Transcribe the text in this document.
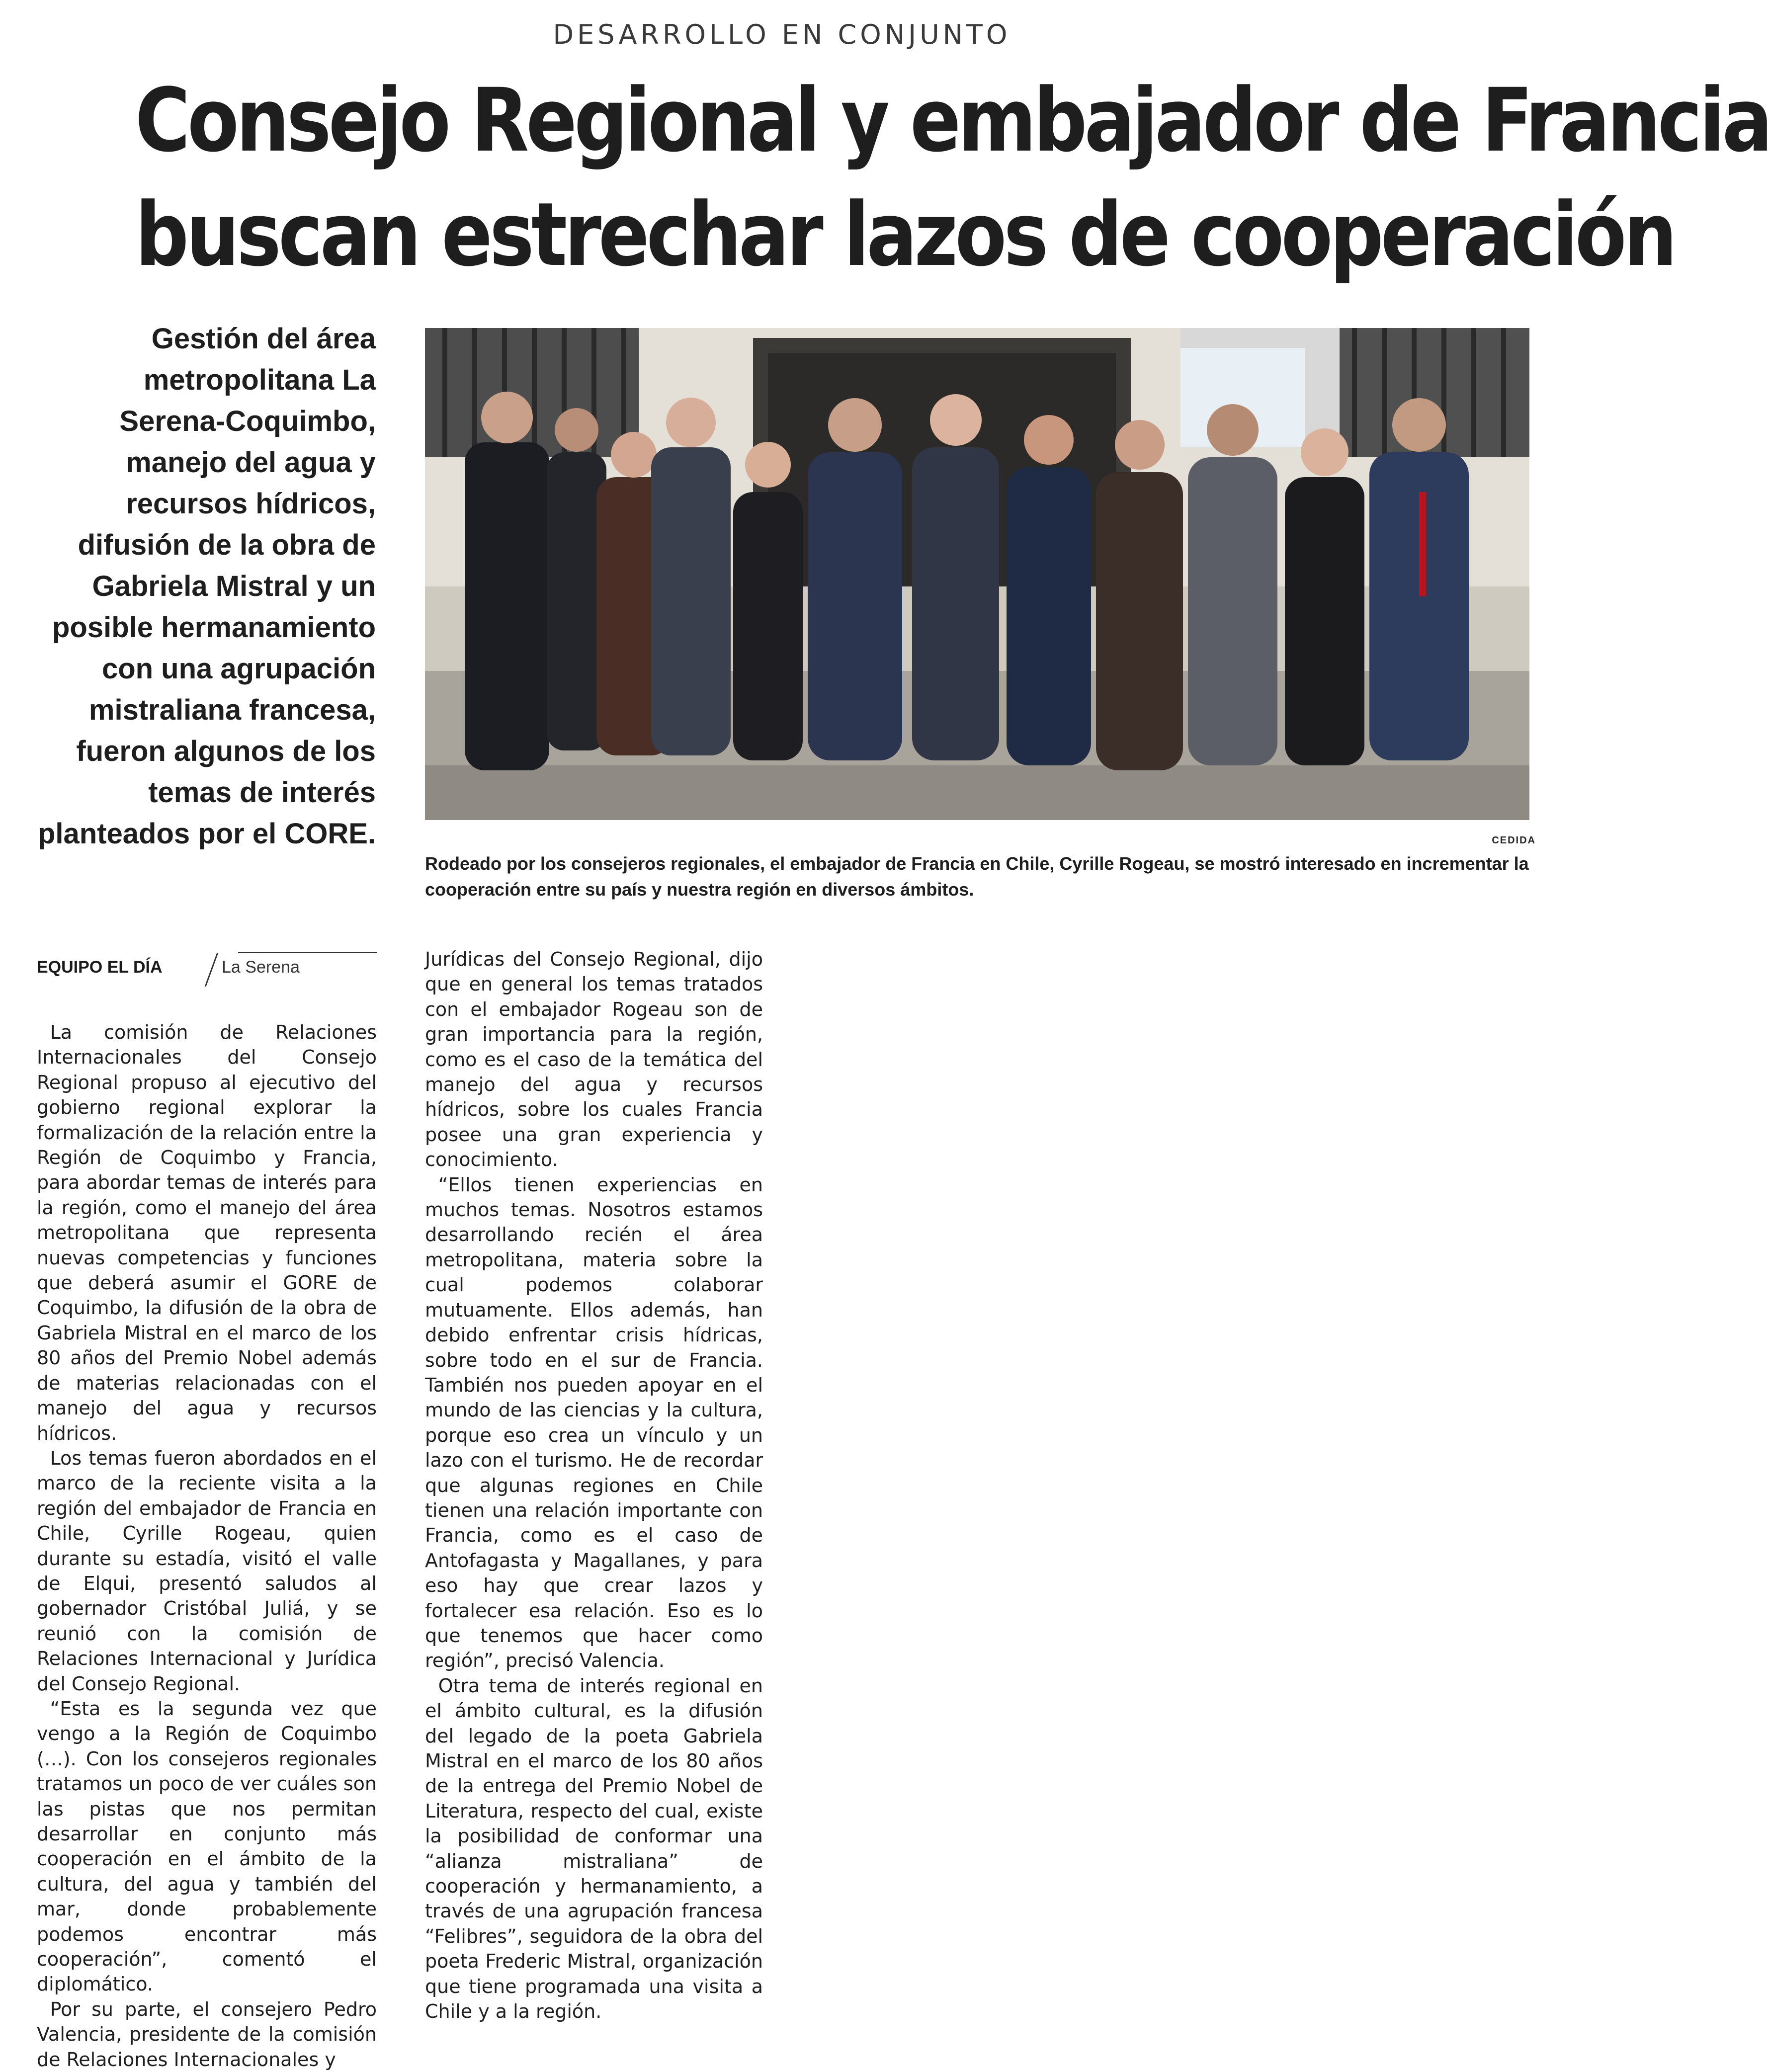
DESARROLLO EN CONJUNTO
Consejo Regional y embajador de Francia
buscan estrechar lazos de cooperación
Gestión del área metropolitana La Serena-Coquimbo, manejo del agua y recursos hídricos, difusión de la obra de Gabriela Mistral y un posible hermanamiento con una agrupación mistraliana francesa, fueron algunos de los temas de interés planteados por el CORE.	CEDIDA
Rodeado por los consejeros regionales, el embajador de Francia en Chile, Cyrille Rogeau, se mostró interesado en incrementar la cooperación entre su país y nuestra región en diversos ámbitos.
EQUIPO EL DÍA	La Serena

La comisión de Relaciones Internacionales del Consejo Regional propuso al ejecutivo del gobierno regional explorar la formalización de la relación entre la Región de Coquimbo y Francia, para abordar temas de interés para la región, como el manejo del área metropolitana que representa nuevas competencias y funciones que deberá asumir el GORE de Coquimbo, la difusión de la obra de Gabriela Mistral en el marco de los 80 años del Premio Nobel además de materias relacionadas con el manejo del agua y recursos hídricos.

Los temas fueron abordados en el marco de la reciente visita a la región del embajador de Francia en Chile, Cyrille Rogeau, quien durante su estadía, visitó el valle de Elqui, presentó saludos al gobernador Cristóbal Juliá, y se reunió con la comisión de Relaciones Internacional y Jurídica del Consejo Regional.

“Esta es la segunda vez que vengo a la Región de Coquimbo (…). Con los consejeros regionales tratamos un poco de ver cuáles son las pistas que nos permitan desarrollar en conjunto más cooperación en el ámbito de la cultura, del agua y también del mar, donde probablemente podemos encontrar más cooperación”, comentó el diplomático.

Por su parte, el consejero Pedro Valencia, presidente de la comisión de Relaciones Internacionales y

Jurídicas del Consejo Regional, dijo que en general los temas tratados con el embajador Rogeau son de gran importancia para la región, como es el caso de la temática del manejo del agua y recursos hídricos, sobre los cuales Francia posee una gran experiencia y conocimiento.

“Ellos tienen experiencias en muchos temas. Nosotros estamos desarrollando recién el área metropolitana, materia sobre la cual podemos colaborar mutuamente. Ellos además, han debido enfrentar crisis hídricas, sobre todo en el sur de Francia. También nos pueden apoyar en el mundo de las ciencias y la cultura, porque eso crea un vínculo y un lazo con el turismo. He de recordar que algunas regiones en Chile tienen una relación importante con Francia, como es el caso de Antofagasta y Magallanes, y para eso hay que crear lazos y fortalecer esa relación. Eso es lo que tenemos que hacer como región”, precisó Valencia.

Otra tema de interés regional en el ámbito cultural, es la difusión del legado de la poeta Gabriela Mistral en el marco de los 80 años de la entrega del Premio Nobel de Literatura, respecto del cual, existe la posibilidad de conformar una “alianza mistraliana” de cooperación y hermanamiento, a través de una agrupación francesa “Felibres”, seguidora de la obra del poeta Frederic Mistral, organización que tiene programada una visita a Chile y a la región.
